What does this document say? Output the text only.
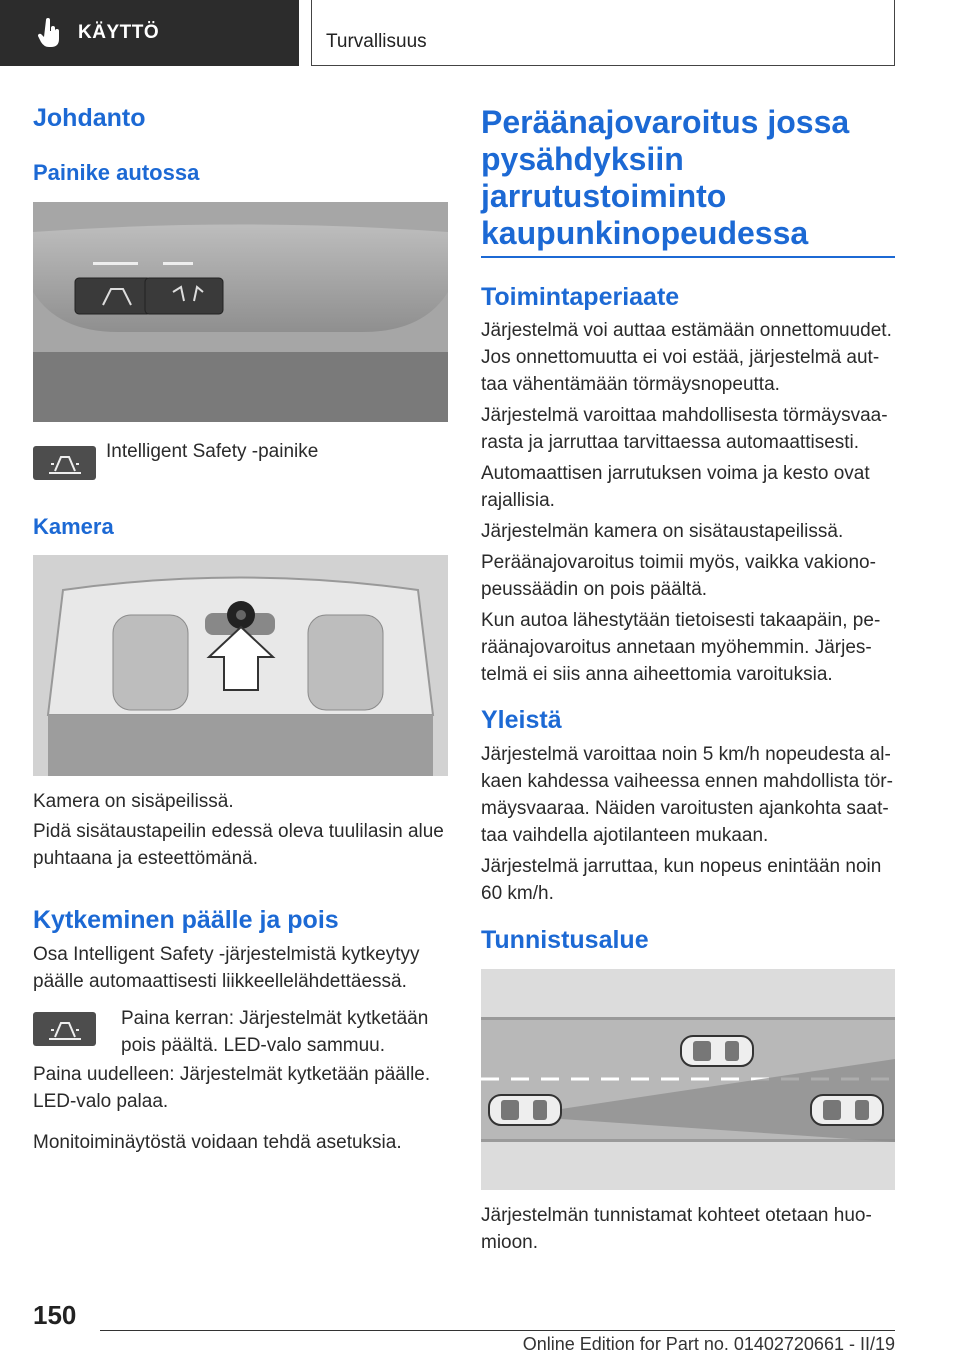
KÄYTTÖ	Turvallisuus
Johdanto
Painike autossa
Intelligent Safety -painike
Kamera
Kamera on sisäpeilissä.
Pidä sisätaustapeilin edessä oleva tuulilasin alue
puhtaana ja esteettömänä.
Kytkeminen päälle ja pois
Osa Intelligent Safety -järjestelmistä kytkeytyy
päälle automaattisesti liikkeellelähdettäessä.
Paina kerran: Järjestelmät kytketään
pois päältä. LED-valo sammuu.
Paina uudelleen: Järjestelmät kytketään päälle.
LED-valo palaa.
Monitoiminäytöstä voidaan tehdä asetuksia.
Peräänajovaroitus jossa
pysähdyksiin
jarrutustoiminto
kaupunkinopeudessa
Toimintaperiaate
Järjestelmä voi auttaa estämään onnettomuudet.
Jos onnettomuutta ei voi estää, järjestelmä aut-
taa vähentämään törmäysnopeutta.
Järjestelmä varoittaa mahdollisesta törmäysvaa-
rasta ja jarruttaa tarvittaessa automaattisesti.
Automaattisen jarrutuksen voima ja kesto ovat
rajallisia.
Järjestelmän kamera on sisätaustapeilissä.
Peräänajovaroitus toimii myös, vaikka vakiono-
peussäädin on pois päältä.
Kun autoa lähestytään tietoisesti takaapäin, pe-
räänajovaroitus annetaan myöhemmin. Järjes-
telmä ei siis anna aiheettomia varoituksia.
Yleistä
Järjestelmä varoittaa noin 5 km/h nopeudesta al-
kaen kahdessa vaiheessa ennen mahdollista tör-
mäysvaaraa. Näiden varoitusten ajankohta saat-
taa vaihdella ajotilanteen mukaan.
Järjestelmä jarruttaa, kun nopeus enintään noin
60 km/h.
Tunnistusalue
Järjestelmän tunnistamat kohteet otetaan huo-
mioon.
150
Online Edition for Part no. 01402720661 - II/19
